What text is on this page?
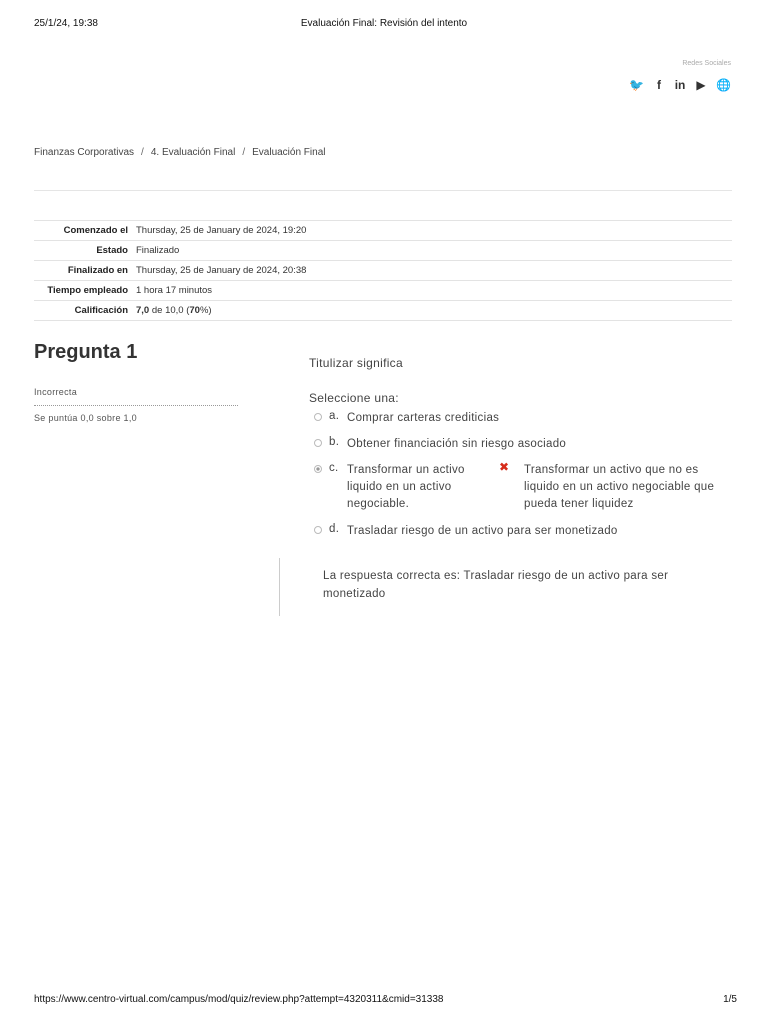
25/1/24, 19:38	Evaluación Final: Revisión del intento
Redes Sociales
🐦	f	in ▶ 🌐
Finanzas Corporativas / 4. Evaluación Final / Evaluación Final
Comenzado el	Thursday, 25 de January de 2024, 19:20
Estado	Finalizado
Finalizado en	Thursday, 25 de January de 2024, 20:38
Tiempo empleado	1 hora 17 minutos
Calificación	7,0 de 10,0 (70%)
Pregunta 1
Incorrecta
Se puntúa 0,0 sobre 1,0
Titulizar significa
Seleccione una:
a. Comprar carteras crediticias
b. Obtener financiación sin riesgo asociado
c. Transformar un activo liquido en un activo negociable.
✖ Transformar un activo que no es liquido en un activo negociable que pueda tener liquidez
d. Trasladar riesgo de un activo para ser monetizado
La respuesta correcta es: Trasladar riesgo de un activo para ser monetizado
https://www.centro-virtual.com/campus/mod/quiz/review.php?attempt=4320311&cmid=31338	1/5
